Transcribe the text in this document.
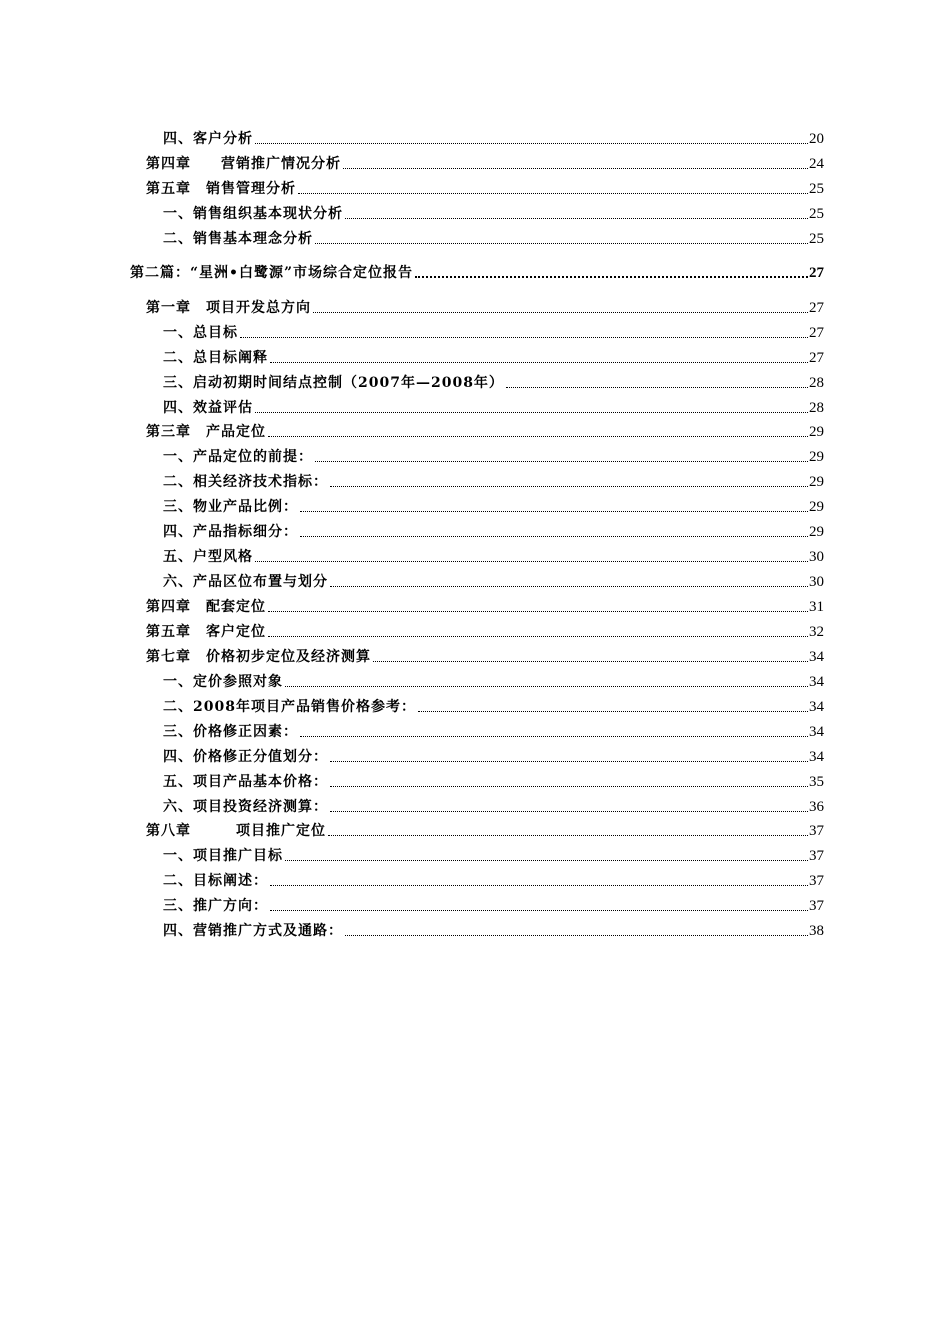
四、客户分析	20
第四章　　营销推广情况分析	24
第五章　销售管理分析	25
一、销售组织基本现状分析	25
二、销售基本理念分析	25
第二篇：“星洲•白鹭源”市场综合定位报告	27
第一章　项目开发总方向	27
一、总目标	27
二、总目标阐释	27
三、启动初期时间结点控制（2007年—2008年）	28
四、效益评估	28
第三章　产品定位	29
一、产品定位的前提：	29
二、相关经济技术指标：	29
三、物业产品比例：	29
四、产品指标细分：	29
五、户型风格	30
六、产品区位布置与划分	30
第四章　配套定位	31
第五章　客户定位	32
第七章　价格初步定位及经济测算	34
一、定价参照对象	34
二、2008年项目产品销售价格参考：	34
三、价格修正因素：	34
四、价格修正分值划分：	34
五、项目产品基本价格：	35
六、项目投资经济测算：	36
第八章　　　项目推广定位	37
一、项目推广目标	37
二、目标阐述：	37
三、推广方向：	37
四、营销推广方式及通路：	38
